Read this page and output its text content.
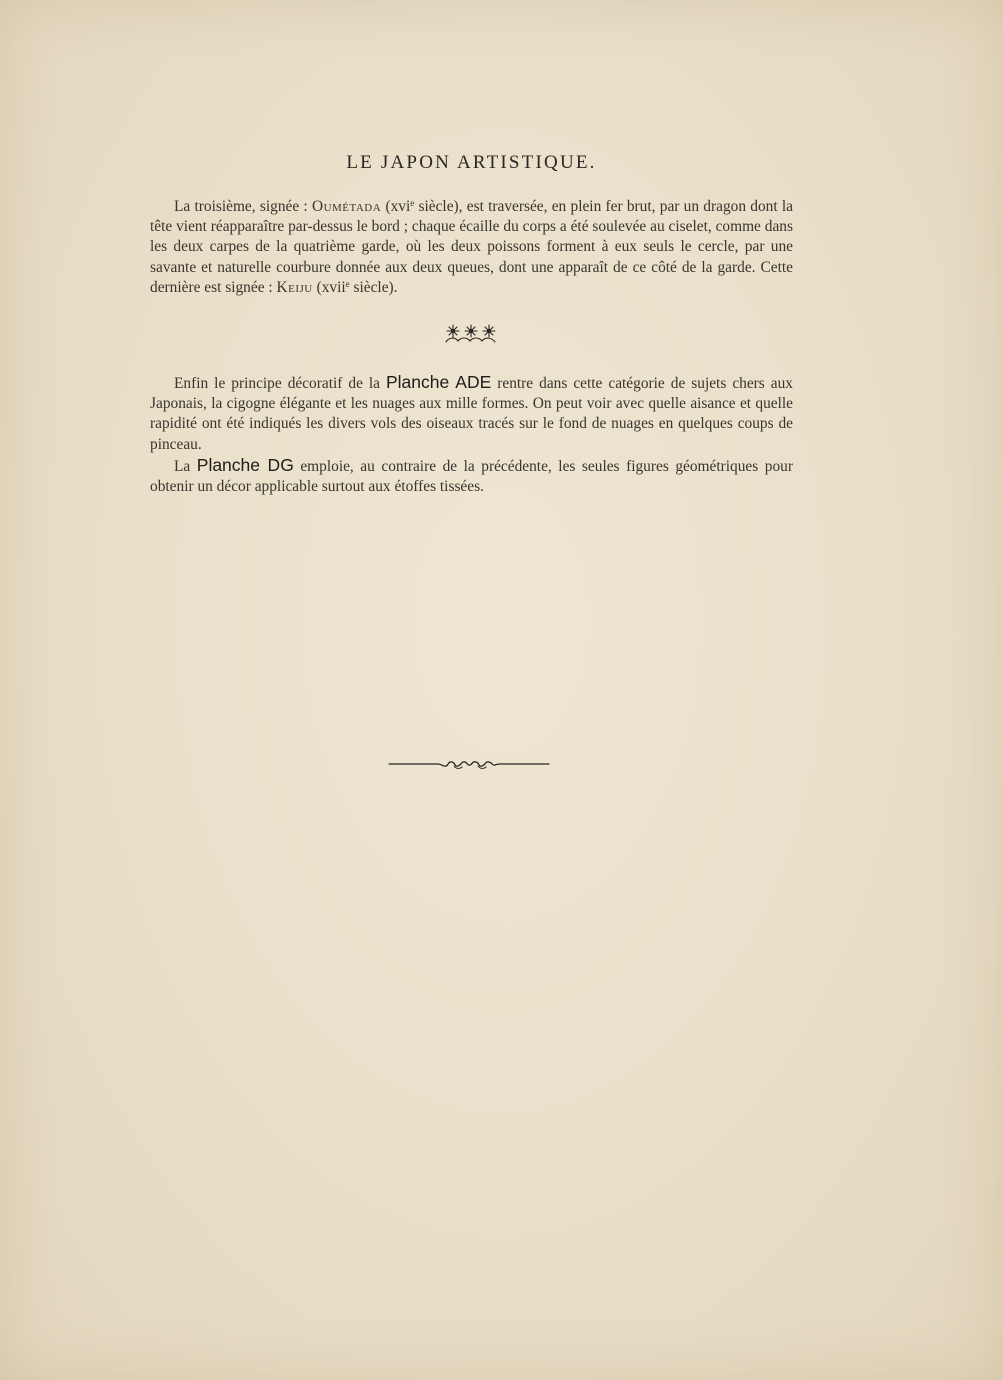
LE JAPON ARTISTIQUE.

La troisième, signée : Oumétada (xvi$^e$ siècle), est traversée, en plein fer brut, par un dragon dont la tête vient réapparaître par-dessus le bord ; chaque écaille du corps a été soulevée au ciselet, comme dans les deux carpes de la quatrième garde, où les deux poissons forment à eux seuls le cercle, par une savante et naturelle courbure donnée aux deux queues, dont une apparaît de ce côté de la garde. Cette dernière est signée : Keiju (xvii$^e$ siècle).

Enfin le principe décoratif de la Planche ADE rentre dans cette catégorie de sujets chers aux Japonais, la cigogne élégante et les nuages aux mille formes. On peut voir avec quelle aisance et quelle rapidité ont été indiqués les divers vols des oiseaux tracés sur le fond de nuages en quelques coups de pinceau.

La Planche DG emploie, au contraire de la précédente, les seules figures géométriques pour obtenir un décor applicable surtout aux étoffes tissées.
